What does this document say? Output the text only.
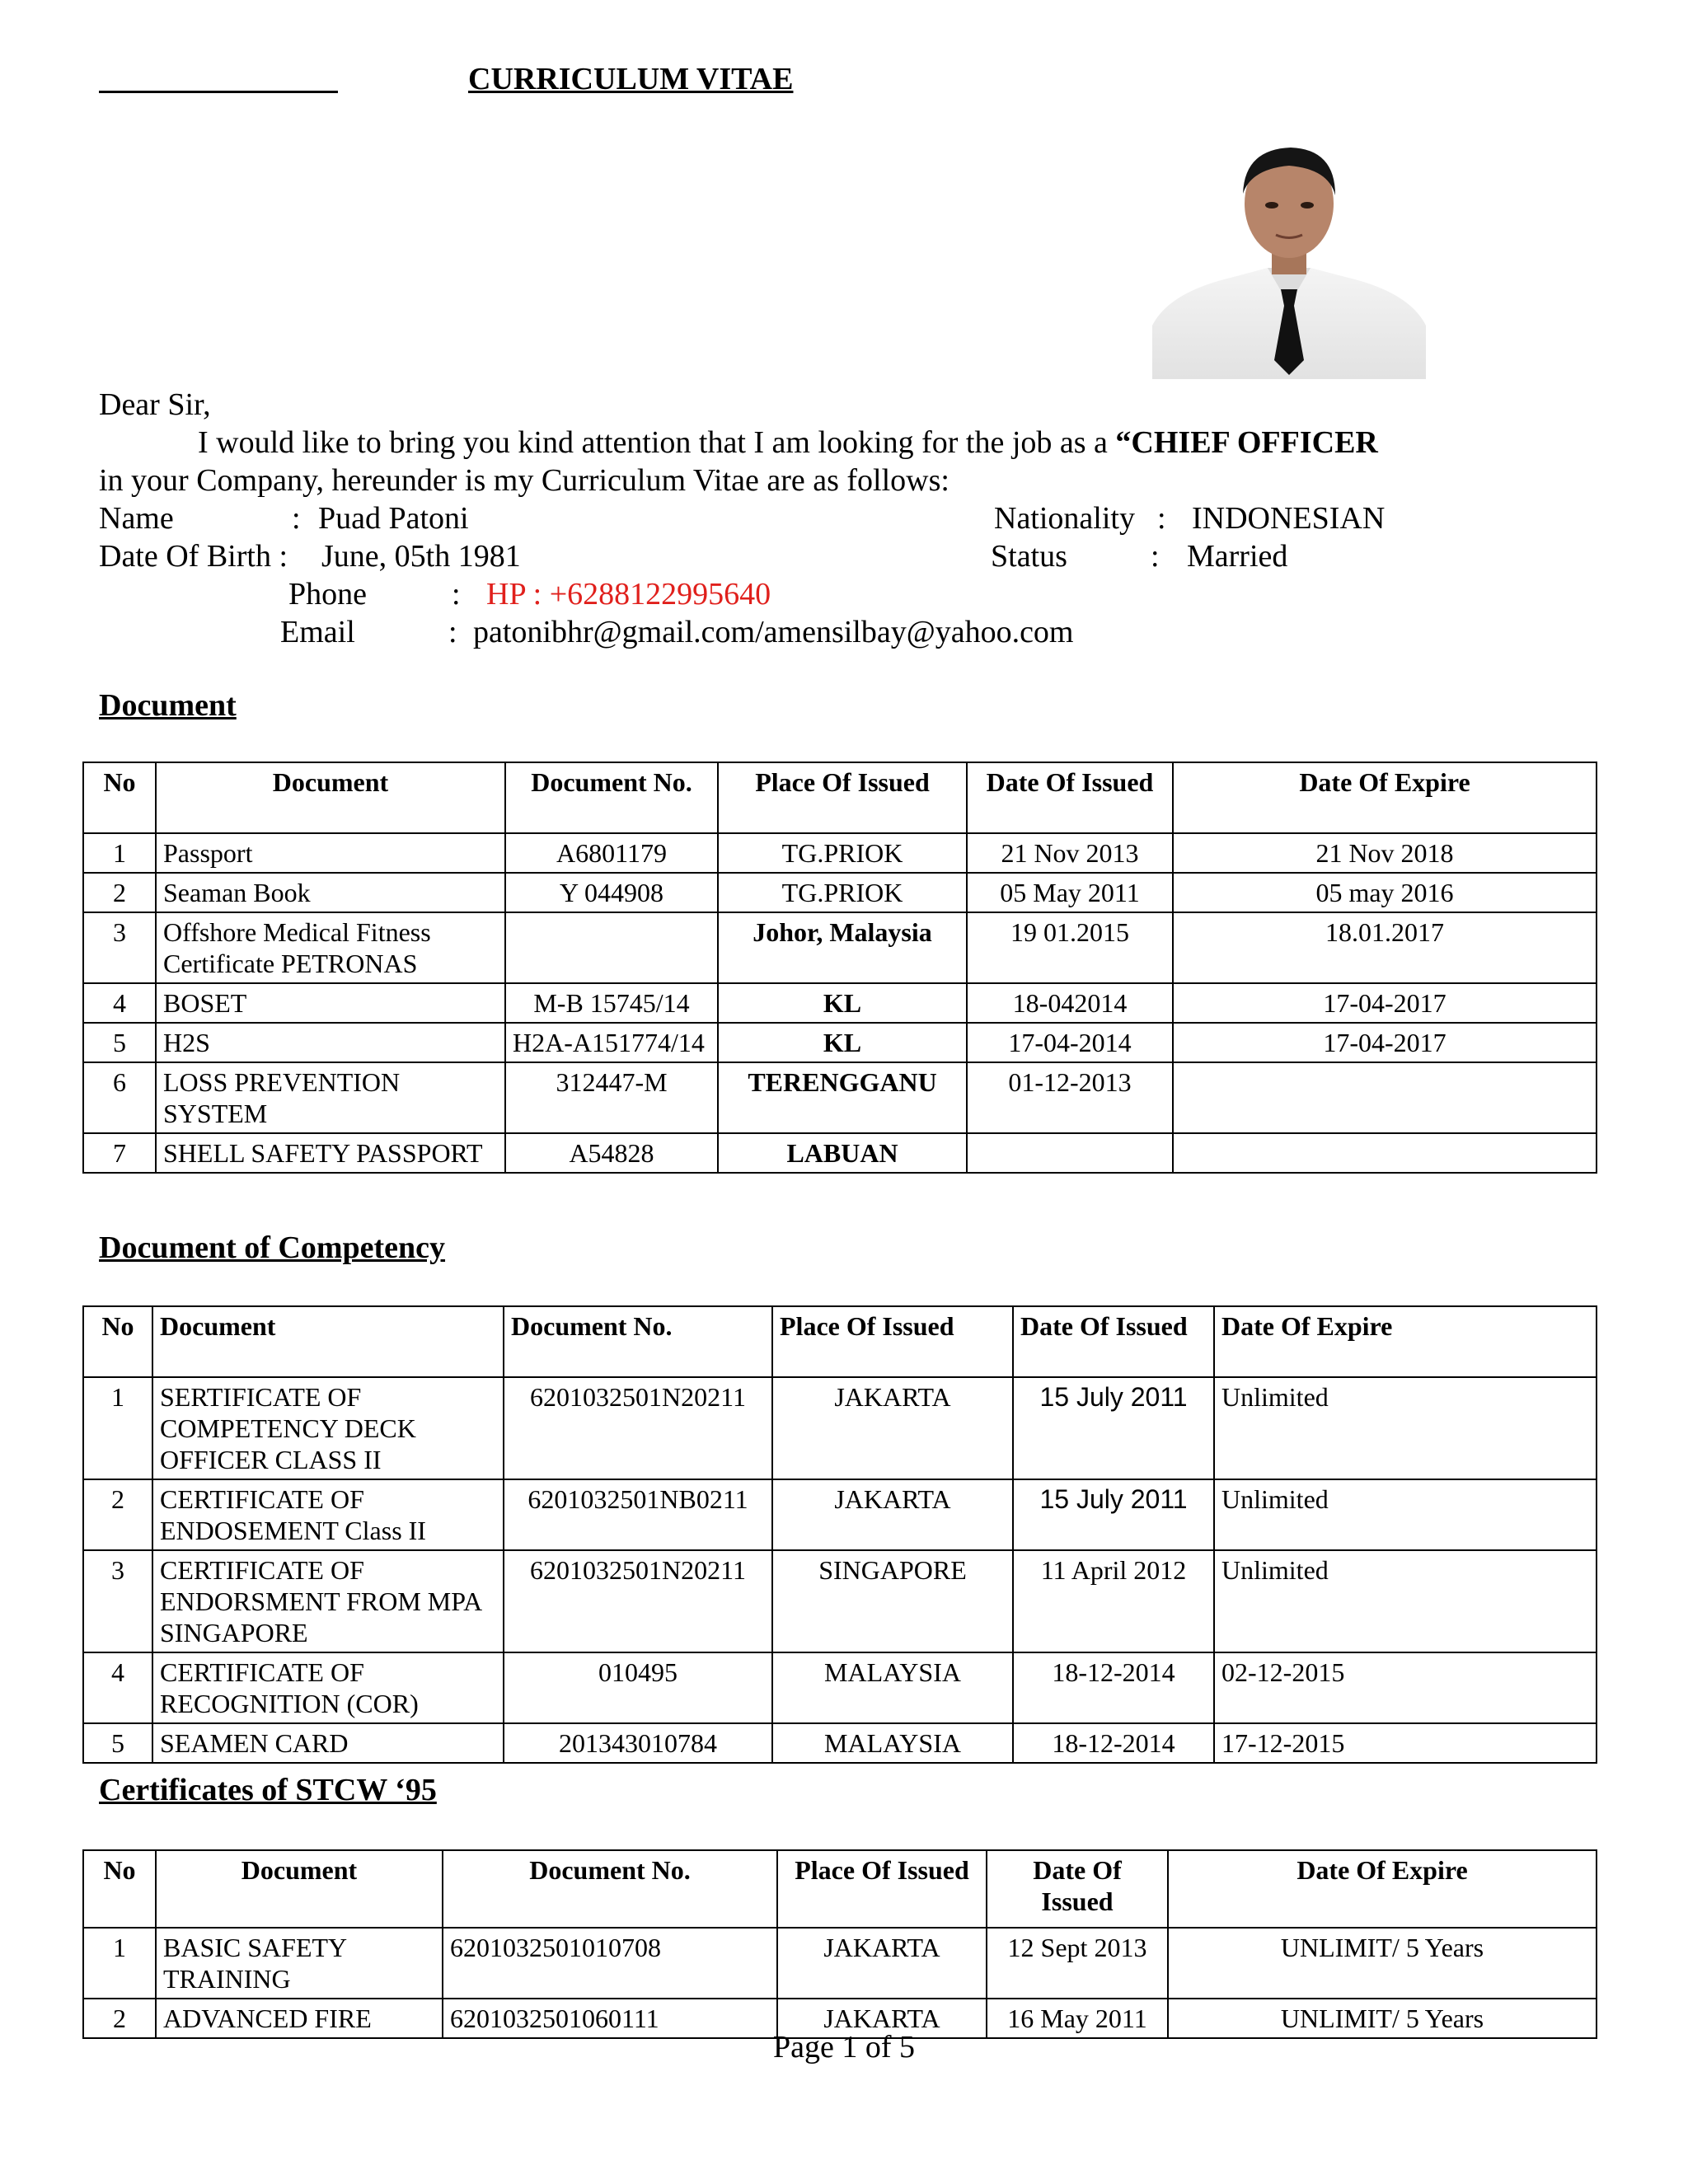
CURRICULUM VITAE
Dear Sir,
I would like to bring you kind attention that I am looking for the job as a “CHIEF OFFICER
in your Company, hereunder is my Curriculum Vitae are as follows:
Name	: Puad Patoni	Nationality : INDONESIAN
Date Of Birth : June, 05th 1981	Status	: Married
Phone	: HP : +6288122995640
Email	: patonibhr@gmail.com/amensilbay@yahoo.com
Document
No	Document	Document No.	Place Of Issued	Date Of Issued	Date Of Expire
1	Passport	A6801179	TG.PRIOK	21 Nov 2013	21 Nov 2018
2	Seaman Book	Y 044908	TG.PRIOK	05 May 2011	05 may 2016
3	Offshore Medical Fitness Certificate PETRONAS		Johor, Malaysia	19 01.2015	18.01.2017
4	BOSET	M-B 15745/14	KL	18-042014	17-04-2017
5	H2S	H2A-A151774/14	KL	17-04-2014	17-04-2017
6	LOSS PREVENTION SYSTEM	312447-M	TERENGGANU	01-12-2013	
7	SHELL SAFETY PASSPORT	A54828	LABUAN		
Document of Competency
No	Document	Document No.	Place Of Issued	Date Of Issued	Date Of Expire
1	SERTIFICATE OF COMPETENCY DECK OFFICER CLASS II	6201032501N20211	JAKARTA	15 July 2011	Unlimited
2	CERTIFICATE OF ENDOSEMENT Class II	6201032501NB0211	JAKARTA	15 July 2011	Unlimited
3	CERTIFICATE OF ENDORSMENT FROM MPA SINGAPORE	6201032501N20211	SINGAPORE	11 April 2012	Unlimited
4	CERTIFICATE OF RECOGNITION (COR)	010495	MALAYSIA	18-12-2014	02-12-2015
5	SEAMEN CARD	201343010784	MALAYSIA	18-12-2014	17-12-2015
Certificates of STCW ‘95
No	Document	Document No.	Place Of Issued	Date Of Issued	Date Of Expire
1	BASIC SAFETY TRAINING	6201032501010708	JAKARTA	12 Sept 2013	UNLIMIT/ 5 Years
2	ADVANCED FIRE	6201032501060111	JAKARTA	16 May 2011	UNLIMIT/ 5 Years
Page 1 of 5
